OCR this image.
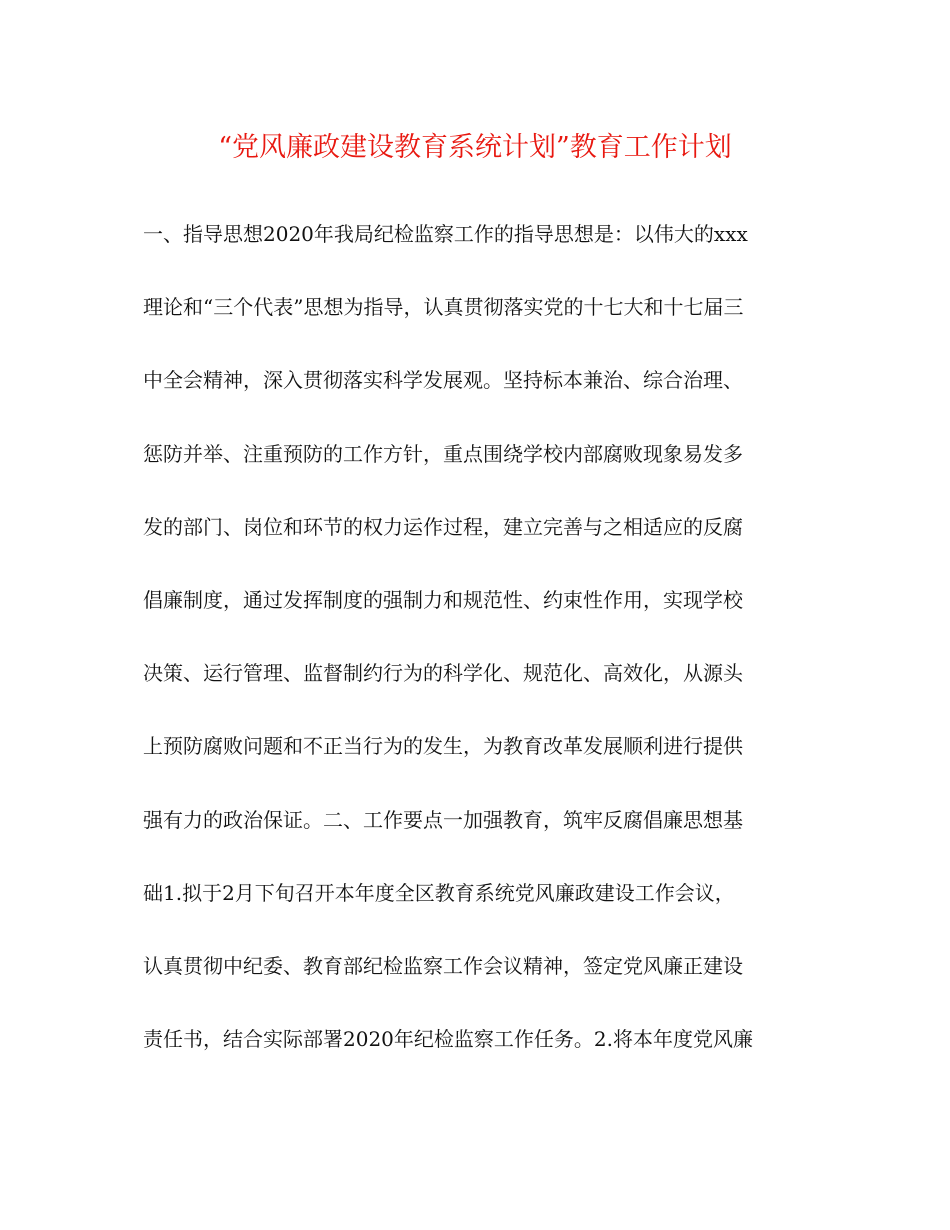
“党风廉政建设教育系统计划”教育工作计划
一、指导思想2020年我局纪检监察工作的指导思想是：以伟大的xxx
理论和“三个代表”思想为指导，认真贯彻落实党的十七大和十七届三
中全会精神，深入贯彻落实科学发展观。坚持标本兼治、综合治理、
惩防并举、注重预防的工作方针，重点围绕学校内部腐败现象易发多
发的部门、岗位和环节的权力运作过程，建立完善与之相适应的反腐
倡廉制度，通过发挥制度的强制力和规范性、约束性作用，实现学校
决策、运行管理、监督制约行为的科学化、规范化、高效化，从源头
上预防腐败问题和不正当行为的发生，为教育改革发展顺利进行提供
强有力的政治保证。二、工作要点一加强教育，筑牢反腐倡廉思想基
础1.拟于2月下旬召开本年度全区教育系统党风廉政建设工作会议，
认真贯彻中纪委、教育部纪检监察工作会议精神，签定党风廉正建设
责任书，结合实际部署2020年纪检监察工作任务。2.将本年度党风廉
